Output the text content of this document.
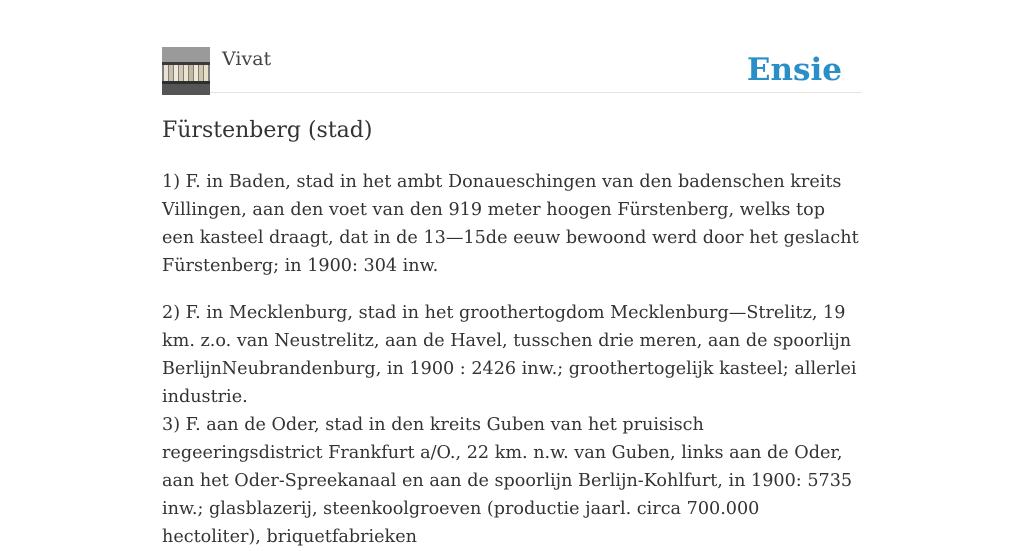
Vivat	Ensie
Fürstenberg (stad)

1) F. in Baden, stad in het ambt Donaueschingen van den badenschen kreits Villingen, aan den voet van den 919 meter hoogen Fürstenberg, welks top een kasteel draagt, dat in de 13—15de eeuw bewoond werd door het geslacht Fürstenberg; in 1900: 304 inw.

2) F. in Mecklenburg, stad in het groothertogdom Mecklenburg—Strelitz, 19 km. z.o. van Neustrelitz, aan de Havel, tusschen drie meren, aan de spoorlijn BerlijnNeubrandenburg, in 1900 : 2426 inw.; groothertogelijk kasteel; allerlei industrie.

3) F. aan de Oder, stad in den kreits Guben van het pruisisch regeeringsdistrict Frankfurt a/O., 22 km. n.w. van Guben, links aan de Oder, aan het Oder-Spreekanaal en aan de spoorlijn Berlijn-Kohlfurt, in 1900: 5735 inw.; glasblazerij, steenkoolgroeven (productie jaarl. circa 700.000 hectoliter), briquetfabrieken
